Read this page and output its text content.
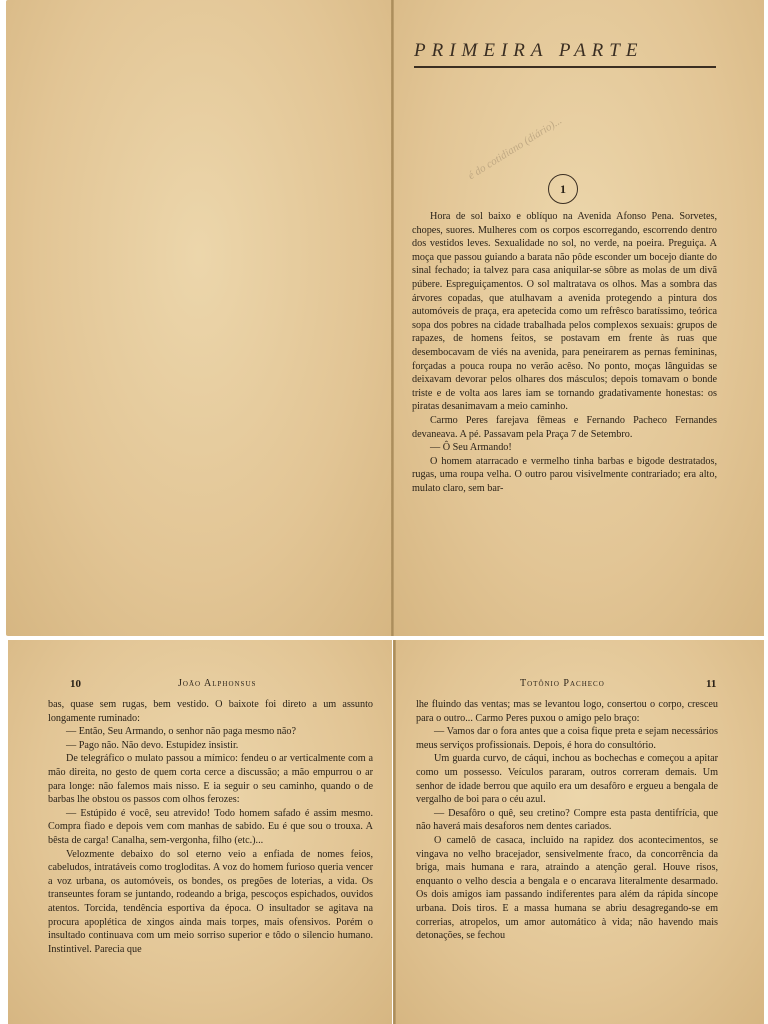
PRIMEIRA PARTE
é do cotidiano (diário)...
1

Hora de sol baixo e oblíquo na Avenida Afonso Pena. Sorvetes, chopes, suores. Mulheres com os corpos escorregando, escorrendo dentro dos vestidos leves. Sexualidade no sol, no verde, na poeira. Preguiça. A moça que passou guiando a barata não pôde esconder um bocejo diante do sinal fechado; ia talvez para casa aniquilar-se sôbre as molas de um divã púbere. Espreguiçamentos. O sol maltratava os olhos. Mas a sombra das árvores copadas, que atulhavam a avenida protegendo a pintura dos automóveis de praça, era apetecida como um refrêsco baratíssimo, teórica sopa dos pobres na cidade trabalhada pelos complexos sexuais: grupos de rapazes, de homens feitos, se postavam em frente às ruas que desembocavam de viés na avenida, para peneirarem as pernas femininas, forçadas a pouca roupa no verão acêso. No ponto, moças lânguidas se deixavam devorar pelos olhares dos másculos; depois tomavam o bonde triste e de volta aos lares iam se tornando gradativamente honestas: os piratas desanimavam a meio caminho.

Carmo Peres farejava fêmeas e Fernando Pacheco Fernandes devaneava. A pé. Passavam pela Praça 7 de Setembro.

— Ô Seu Armando!

O homem atarracado e vermelho tinha barbas e bigode destratados, rugas, uma roupa velha. O outro parou visivelmente contrariado; era alto, mulato claro, sem bar-

10	João Alphonsus

bas, quase sem rugas, bem vestido. O baixote foi direto a um assunto longamente ruminado:

— Então, Seu Armando, o senhor não paga mesmo não?

— Pago não. Não devo. Estupidez insistir.

De telegráfico o mulato passou a mímico: fendeu o ar verticalmente com a mão direita, no gesto de quem corta cerce a discussão; a mão empurrou o ar para longe: não falemos mais nisso. E ia seguir o seu caminho, quando o de barbas lhe obstou os passos com olhos ferozes:

— Estúpido é você, seu atrevido! Todo homem safado é assim mesmo. Compra fiado e depois vem com manhas de sabido. Eu é que sou o trouxa. A bêsta de carga! Canalha, sem-vergonha, filho (etc.)...

Velozmente debaixo do sol eterno veio a enfiada de nomes feios, cabeludos, intratáveis como trogloditas. A voz do homem furioso queria vencer a voz urbana, os automóveis, os bondes, os pregões de loterias, a vida. Os transeuntes foram se juntando, rodeando a briga, pescoços espichados, ouvidos atentos. Torcida, tendência esportiva da época. O insultador se agitava na procura apoplética de xingos ainda mais torpes, mais ofensivos. Porém o insultado continuava com um meio sorriso superior e tôdo o silencio humano. Instintivel. Parecia que

Totônio Pacheco	11

lhe fluindo das ventas; mas se levantou logo, consertou o corpo, cresceu para o outro... Carmo Peres puxou o amigo pelo braço:

— Vamos dar o fora antes que a coisa fique preta e sejam necessários meus serviços profissionais. Depois, é hora do consultório.

Um guarda curvo, de cáqui, inchou as bochechas e começou a apitar como um possesso. Veículos pararam, outros correram demais. Um senhor de idade berrou que aquilo era um desafôro e ergueu a bengala de vergalho de boi para o céu azul.

— Desafôro o quê, seu cretino? Compre esta pasta dentifrícia, que não haverá mais desaforos nem dentes cariados.

O camelô de casaca, incluido na rapidez dos acontecimentos, se vingava no velho bracejador, sensivelmente fraco, da concorrência da briga, mais humana e rara, atraindo a atenção geral. Houve risos, enquanto o velho descia a bengala e o encarava literalmente desarmado. Os dois amigos iam passando indiferentes para além da rápida síncope urbana. Dois tiros. E a massa humana se abriu desagregando-se em correrias, atropelos, um amor automático à vida; não havendo mais detonações, se fechou
